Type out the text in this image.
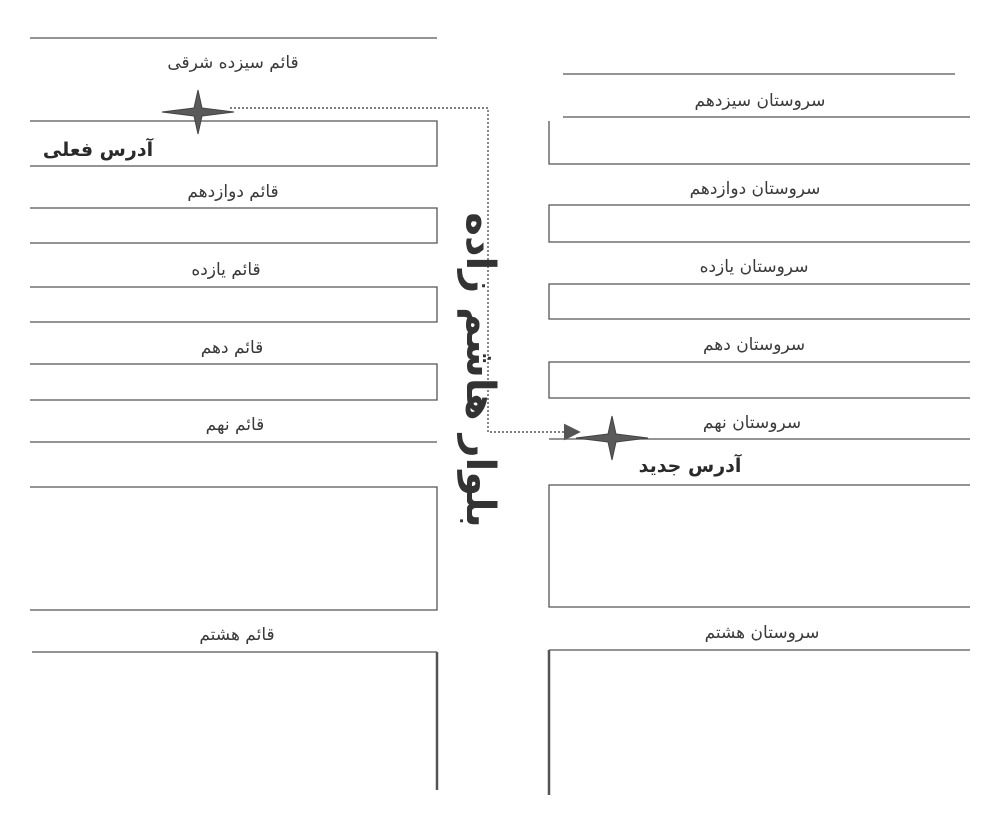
بلوار هاشم زاده
قائم سیزده شرقی
قائم دوازدهم
قائم یازده
قائم دهم
قائم نهم
قائم هشتم
سروستان سیزدهم
سروستان دوازدهم
سروستان یازده
سروستان دهم
سروستان نهم
سروستان هشتم
آدرس فعلی
آدرس جدید
